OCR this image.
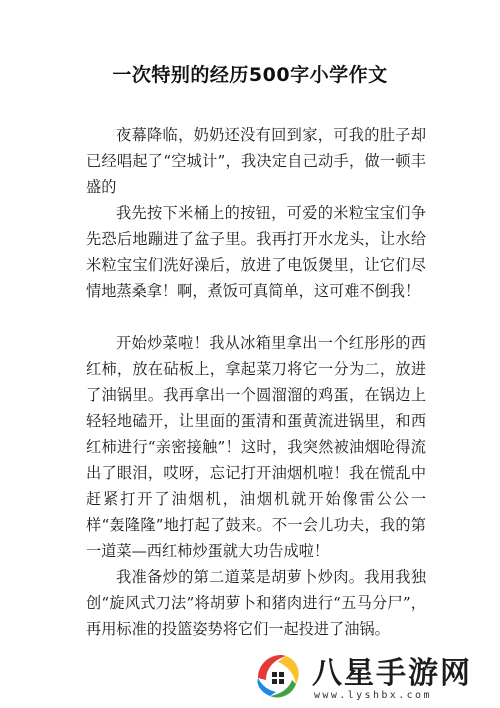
一次特别的经历500字小学作文

夜幕降临，奶奶还没有回到家，可我的肚子却已经唱起了“空城计”，我决定自己动手，做一顿丰盛的

我先按下米桶上的按钮，可爱的米粒宝宝们争先恐后地蹦进了盆子里。我再打开水龙头，让水给米粒宝宝们洗好澡后，放进了电饭煲里，让它们尽情地蒸桑拿！啊，煮饭可真简单，这可难不倒我！

开始炒菜啦！我从冰箱里拿出一个红彤彤的西红柿，放在砧板上，拿起菜刀将它一分为二，放进了油锅里。我再拿出一个圆溜溜的鸡蛋，在锅边上轻轻地磕开，让里面的蛋清和蛋黄流进锅里，和西红柿进行“亲密接触”！这时，我突然被油烟呛得流出了眼泪，哎呀，忘记打开油烟机啦！我在慌乱中赶紧打开了油烟机，油烟机就开始像雷公公一样“轰隆隆”地打起了鼓来。不一会儿功夫，我的第一道菜—西红柿炒蛋就大功告成啦！

我准备炒的第二道菜是胡萝卜炒肉。我用我独创“旋风式刀法”将胡萝卜和猪肉进行“五马分尸”，再用标准的投篮姿势将它们一起投进了油锅。

八星手游网
www.lyshbx.com
